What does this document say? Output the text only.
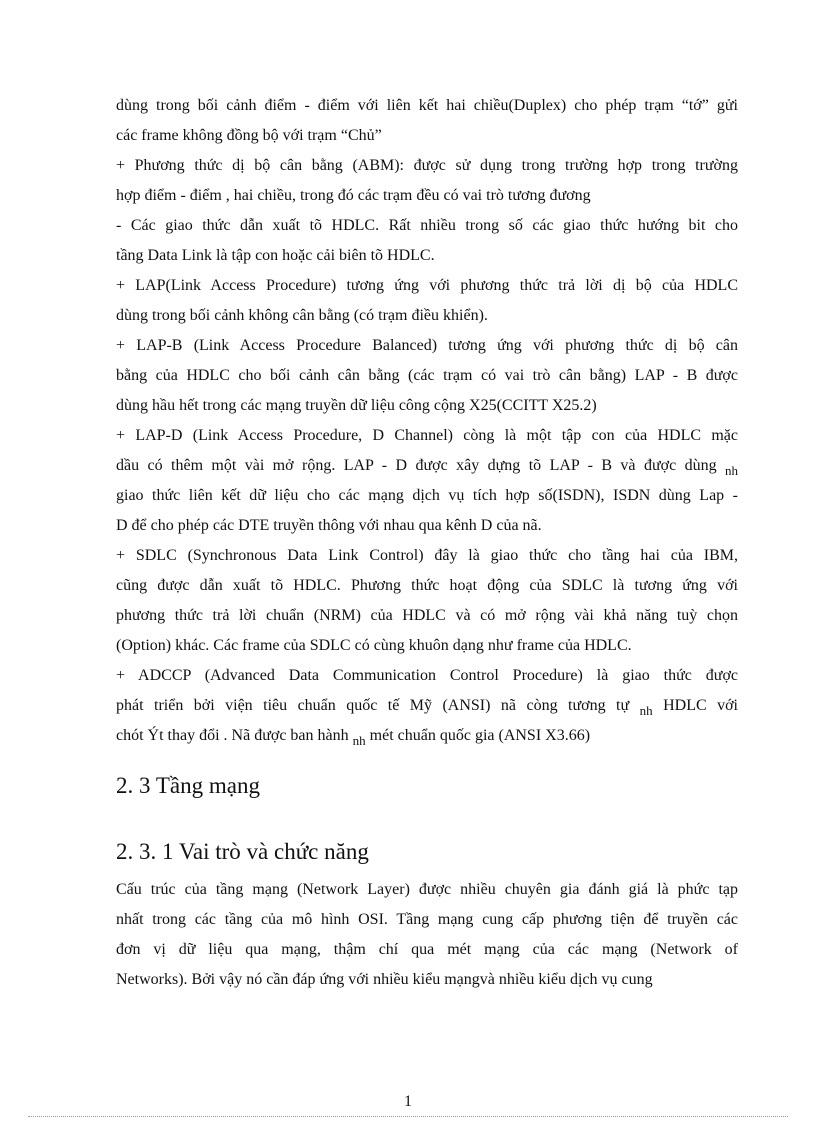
dùng trong bối cảnh điểm - điểm với liên kết hai chiều(Duplex) cho phép trạm “tớ” gửi
các frame không đồng bộ với trạm “Chủ”
+ Phương thức dị bộ cân bằng (ABM): được sử dụng trong trường hợp trong trường
hợp điểm - điểm , hai chiều, trong đó các trạm đều có vai trò tương đương
- Các giao thức dẫn xuất tõ HDLC. Rất nhiều trong số các giao thức hướng bit cho
tầng Data Link là tập con hoặc cải biên tõ HDLC.
+ LAP(Link Access Procedure) tương ứng với phương thức trả lời dị bộ của HDLC
dùng trong bối cảnh không cân bằng (có trạm điều khiển).
+ LAP-B (Link Access Procedure Balanced) tương ứng với phương thức dị bộ cân
bằng của HDLC cho bối cảnh cân bằng (các trạm có vai trò cân bằng) LAP - B được
dùng hầu hết trong các mạng truyền dữ liệu công cộng X25(CCITT X25.2)
+ LAP-D (Link Access Procedure, D Channel) còng là một tập con của HDLC mặc
dầu có thêm một vài mở rộng. LAP - D được xây dựng tõ LAP - B và được dùng $_{nh}$
giao thức liên kết dữ liệu cho các mạng dịch vụ tích hợp số(ISDN), ISDN dùng Lap -
D để cho phép các DTE truyền thông với nhau qua kênh D của nã.
+ SDLC (Synchronous Data Link Control) đây là giao thức cho tầng hai của IBM,
cũng được dẫn xuất tõ HDLC. Phương thức hoạt động của SDLC là tương ứng với
phương thức trả lời chuẩn (NRM) của HDLC và có mở rộng vài khả năng tuỳ chọn
(Option) khác. Các frame của SDLC có cùng khuôn dạng như frame của HDLC.
+ ADCCP (Advanced Data Communication Control Procedure) là giao thức được
phát triển bởi viện tiêu chuẩn quốc tế Mỹ (ANSI) nã còng tương tự $_{nh}$ HDLC với
chót Ýt thay đổi . Nã được ban hành $_{nh}$ mét chuẩn quốc gia (ANSI X3.66)
2. 3 Tầng mạng
2. 3. 1 Vai trò và chức năng
Cấu trúc của tầng mạng (Network Layer) được nhiều chuyên gia đánh giá là phức tạp
nhất trong các tầng của mô hình OSI. Tầng mạng cung cấp phương tiện để truyền các
đơn vị dữ liệu qua mạng, thậm chí qua mét mạng của các mạng (Network of
Networks). Bởi vậy nó cần đáp ứng với nhiều kiểu mạngvà nhiều kiểu dịch vụ cung
1
